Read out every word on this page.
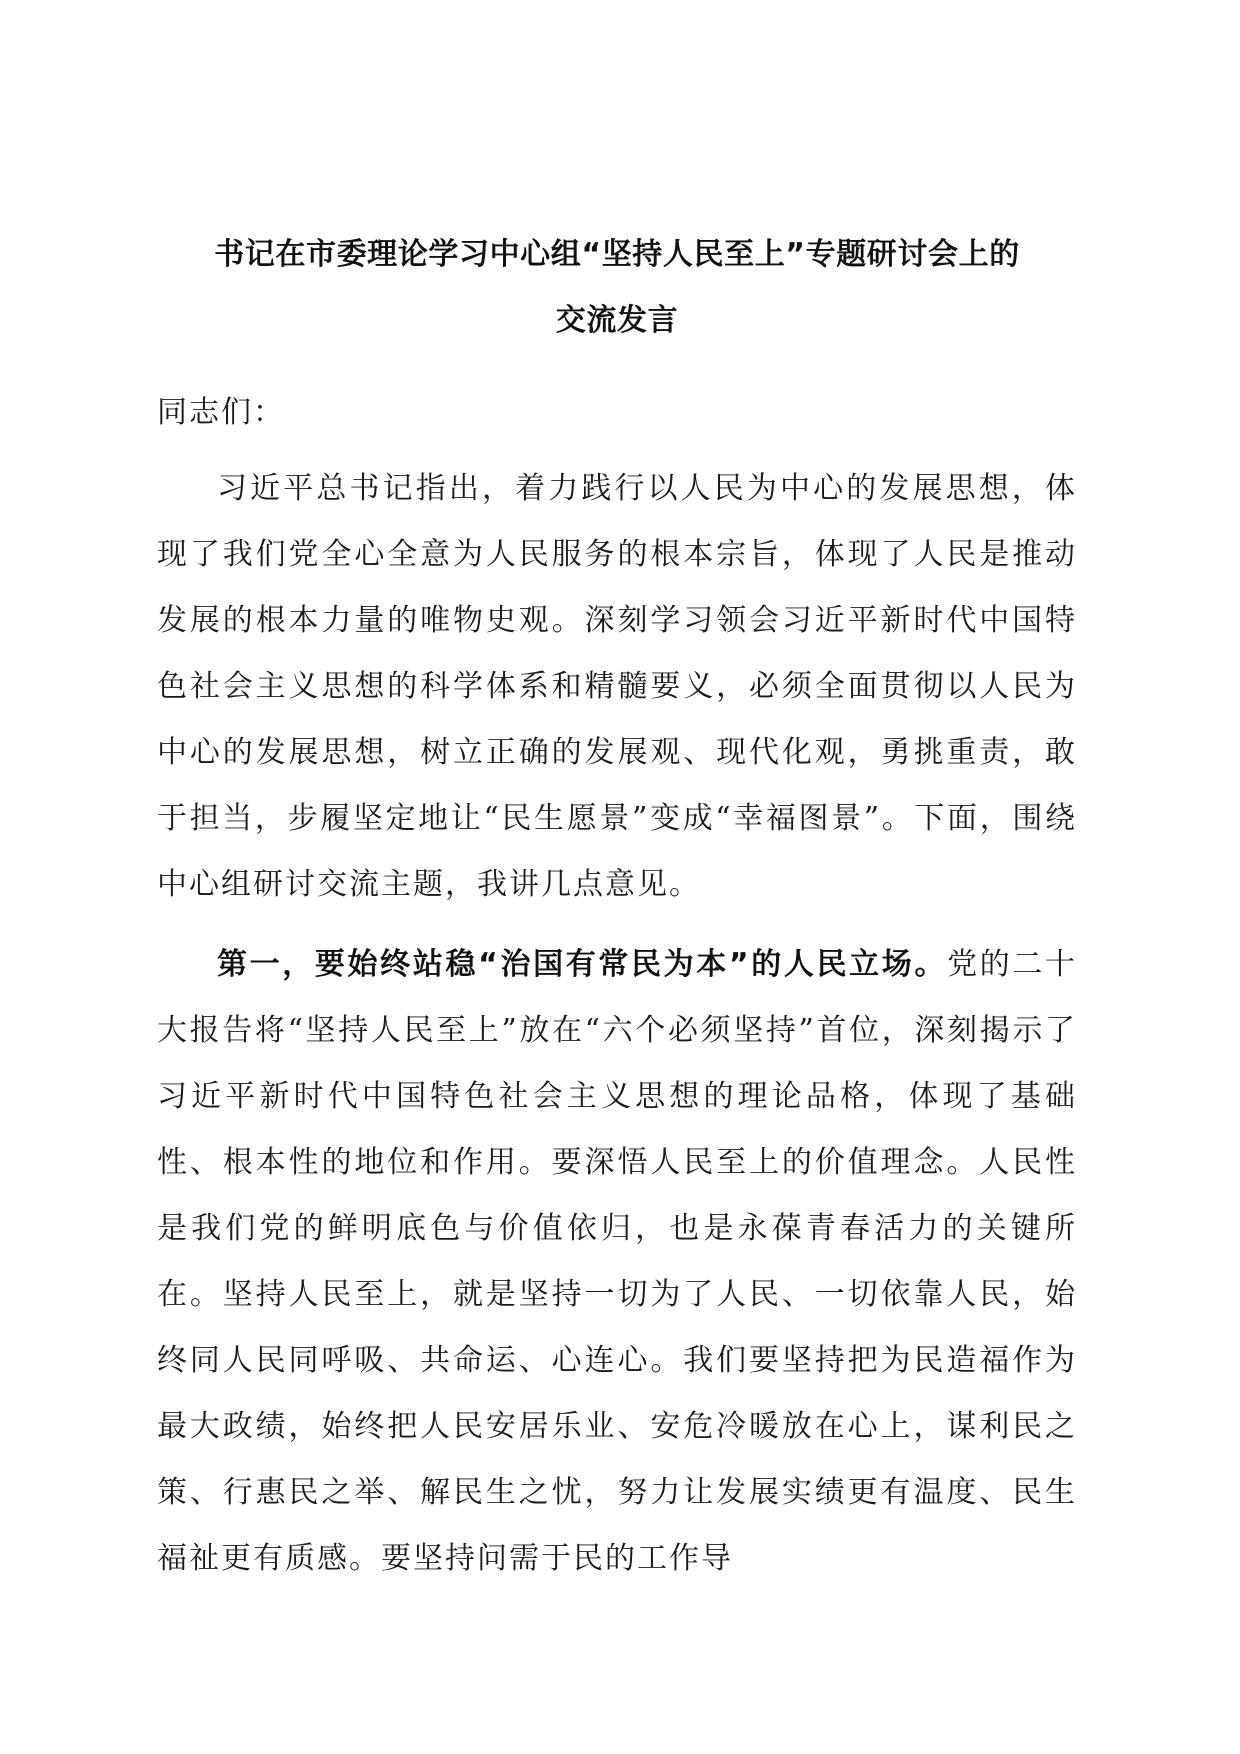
书记在市委理论学习中心组“坚持人民至上”专题研讨会上的
交流发言

同志们：

习近平总书记指出，着力践行以人民为中心的发展思想，体现了我们党全心全意为人民服务的根本宗旨，体现了人民是推动发展的根本力量的唯物史观。深刻学习领会习近平新时代中国特色社会主义思想的科学体系和精髓要义，必须全面贯彻以人民为中心的发展思想，树立正确的发展观、现代化观，勇挑重责，敢于担当，步履坚定地让“民生愿景”变成“幸福图景”。下面，围绕中心组研讨交流主题，我讲几点意见。

第一，要始终站稳“治国有常民为本”的人民立场。党的二十大报告将“坚持人民至上”放在“六个必须坚持”首位，深刻揭示了习近平新时代中国特色社会主义思想的理论品格，体现了基础性、根本性的地位和作用。要深悟人民至上的价值理念。人民性是我们党的鲜明底色与价值依归，也是永葆青春活力的关键所在。坚持人民至上，就是坚持一切为了人民、一切依靠人民，始终同人民同呼吸、共命运、心连心。我们要坚持把为民造福作为最大政绩，始终把人民安居乐业、安危冷暖放在心上，谋利民之策、行惠民之举、解民生之忧，努力让发展实绩更有温度、民生福祉更有质感。要坚持问需于民的工作导
